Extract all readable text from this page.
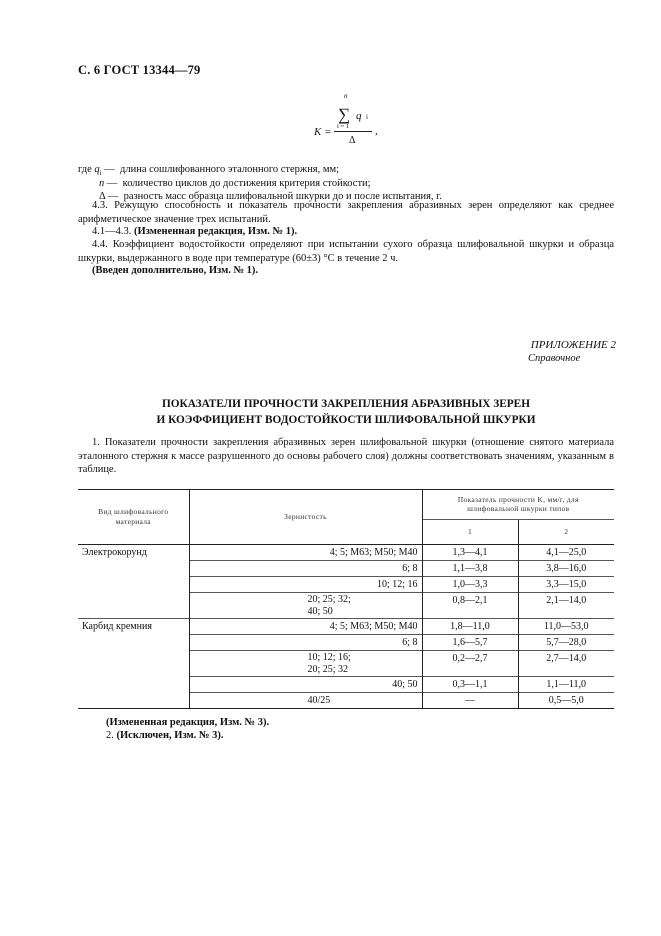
С. 6 ГОСТ 13344—79
n
∑ q i
i = 1
K =
Δ
,
где $q_i$ — длина сошлифованного эталонного стержня, мм;
n — количество циклов до достижения критерия стойкости;
Δ — разность масс образца шлифовальной шкурки до и после испытания, г.
4.3. Режущую способность и показатель прочности закрепления абразивных зерен определяют как среднее арифметическое значение трех испытаний.
4.1—4.3. (Измененная редакция, Изм. № 1).
4.4. Коэффициент водостойкости определяют при испытании сухого образца шлифовальной шкурки и образца шкурки, выдержанного в воде при температуре (60±3) °С в течение 2 ч.
(Введен дополнительно, Изм. № 1).
ПРИЛОЖЕНИЕ 2
Справочное
ПОКАЗАТЕЛИ ПРОЧНОСТИ ЗАКРЕПЛЕНИЯ АБРАЗИВНЫХ ЗЕРЕН
И КОЭФФИЦИЕНТ ВОДОСТОЙКОСТИ ШЛИФОВАЛЬНОЙ ШКУРКИ
1. Показатели прочности закрепления абразивных зерен шлифовальной шкурки (отношение снятого материала эталонного стержня к массе разрушенного до основы рабочего слоя) должны соответствовать значениям, указанным в таблице.
Вид шлифовального материала	Зернистость	Показатель прочности K, мм/г, для шлифовальной шкурки типов	
		1	2
Электрокорунд	4; 5; М63; М50; М40	1,3—4,1	4,1—25,0
	6; 8	1,1—3,8	3,8—16,0
	10; 12; 16	1,0—3,3	3,3—15,0

	20; 25; 32;
40; 50	0,8—2,1	2,1—14,0
Карбид кремния	4; 5; М63; М50; М40	1,8—11,0	11,0—53,0
	6; 8	1,6—5,7	5,7—28,0

	10; 12; 16;
20; 25; 32	0,2—2,7	2,7—14,0
	40; 50	0,3—1,1	1,1—11,0
	40/25	—	0,5—5,0
(Измененная редакция, Изм. № 3).
2. (Исключен, Изм. № 3).
